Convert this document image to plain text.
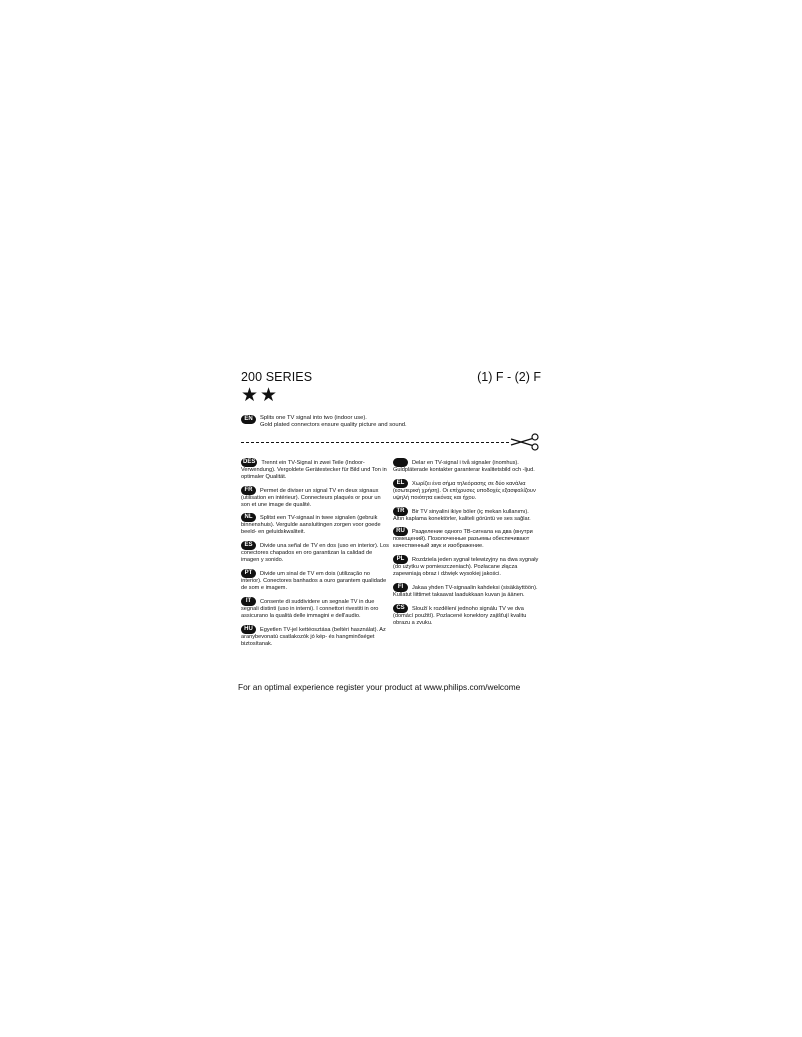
200 SERIES	(1) F - (2) F
★ ★
EN	Splits one TV signal into two (indoor use).
Gold plated connectors ensure quality picture and sound.
DES Trennt ein TV-Signal in zwei Teile (Indoor-Verwendung). Vergoldete Gerätestecker für Bild und Ton in optimaler Qualität.
FR Permet de diviser un signal TV en deux signaux (utilisation en intérieur). Connecteurs plaqués or pour un son et une image de qualité.
NL Splitst een TV-signaal in twee signalen (gebruik binnenshuis). Vergulde aansluitingen zorgen voor goede beeld- en geluidskwaliteit.
ES Divide una señal de TV en dos (uso en interior). Los conectores chapados en oro garantizan la calidad de imagen y sonido.
PT Divide um sinal de TV em dois (utilização no interior). Conectores banhados a ouro garantem qualidade de som e imagem.
IT Consente di suddividere un segnale TV in due segnali distinti (uso in interni). I connettori rivestiti in oro assicurano la qualità delle immagini e dell'audio.
HU Egyetlen TV-jel kettéosztása (beltéri használat). Az aranybevonatú csatlakozók jó kép- és hangminőséget biztosítanak.
Delar en TV-signal i två signaler (inomhus). Guldpläterade kontakter garanterar kvalitetsbild och -ljud.
EL Χωρίζει ένα σήμα τηλεόρασης σε δύο κανάλια (εσωτερική χρήση). Οι επίχρυσες υποδοχές εξασφαλίζουν υψηλή ποιότητα εικόνας και ήχου.
TR Bir TV sinyalini ikiye böler (iç mekan kullanımı). Altın kaplama konektörler, kaliteli görüntü ve ses sağlar.
RU Разделение одного ТВ-сигнала на два (внутри помещений). Позолоченные разъемы обеспечивают качественный звук и изображение.
PL Rozdziela jeden sygnał telewizyjny na dwa sygnały (do użytku w pomieszczeniach). Pozłacane złącza zapewniają obraz i dźwięk wysokiej jakości.
FI Jakaa yhden TV-signaalin kahdeksi (sisäkäyttöön). Kullatut liittimet takaavat laadukkaan kuvan ja äänen.
CS Slouží k rozdělení jednoho signálu TV ve dva (domácí použití). Pozlacené konektory zajišťují kvalitu obrazu a zvuku.
For an optimal experience register your product at www.philips.com/welcome
